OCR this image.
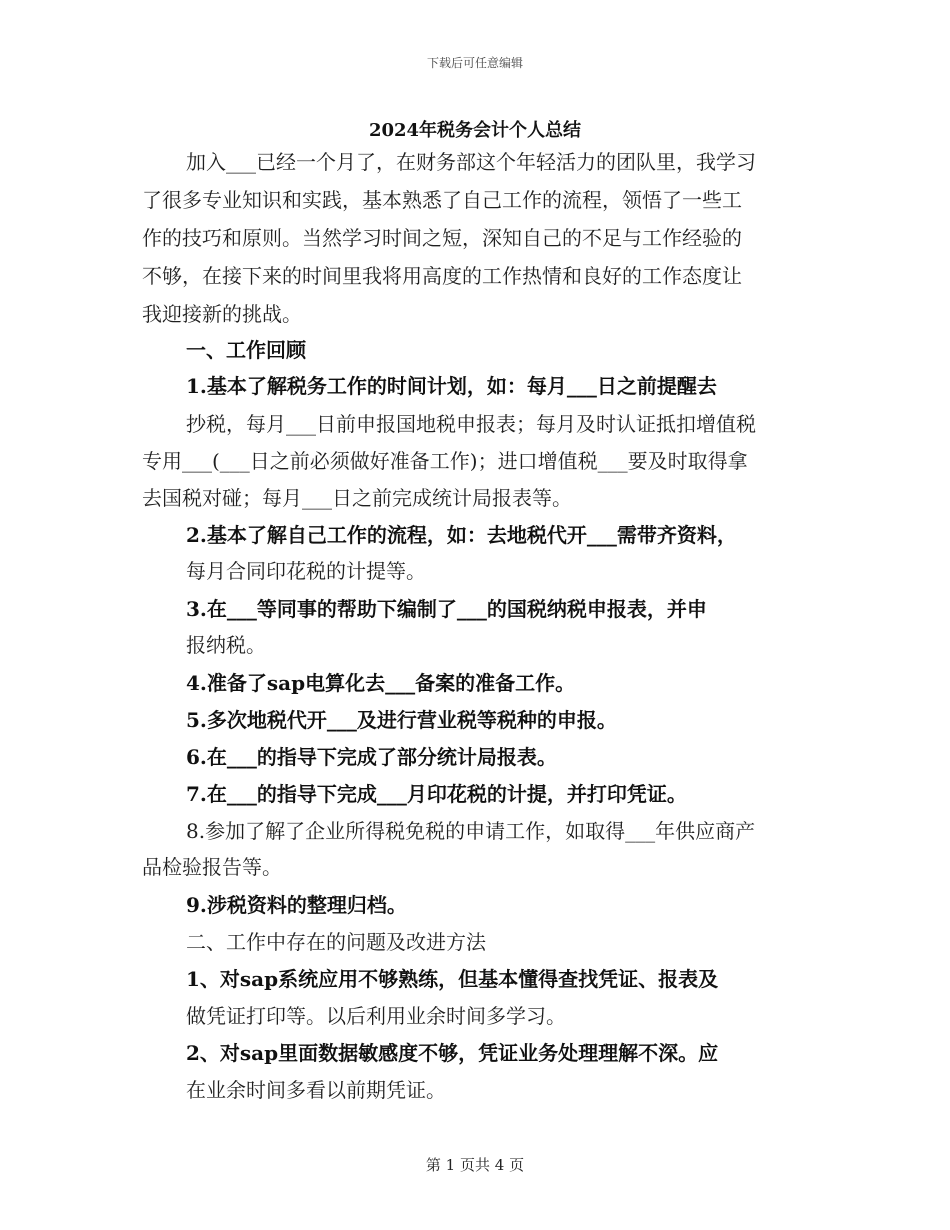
下载后可任意编辑
2024年税务会计个人总结
加入___已经一个月了，在财务部这个年轻活力的团队里，我学习
了很多专业知识和实践，基本熟悉了自己工作的流程，领悟了一些工
作的技巧和原则。当然学习时间之短，深知自己的不足与工作经验的
不够，在接下来的时间里我将用高度的工作热情和良好的工作态度让
我迎接新的挑战。
一、工作回顾
1.基本了解税务工作的时间计划，如：每月___日之前提醒去
抄税，每月___日前申报国地税申报表；每月及时认证抵扣增值税
专用___(___日之前必须做好准备工作)；进口增值税___要及时取得拿
去国税对碰；每月___日之前完成统计局报表等。
2.基本了解自己工作的流程，如：去地税代开___需带齐资料，
每月合同印花税的计提等。
3.在___等同事的帮助下编制了___的国税纳税申报表，并申
报纳税。
4.准备了sap电算化去___备案的准备工作。
5.多次地税代开___及进行营业税等税种的申报。
6.在___的指导下完成了部分统计局报表。
7.在___的指导下完成___月印花税的计提，并打印凭证。
8.参加了解了企业所得税免税的申请工作，如取得___年供应商产
品检验报告等。
9.涉税资料的整理归档。
二、工作中存在的问题及改进方法
1、对sap系统应用不够熟练，但基本懂得查找凭证、报表及
做凭证打印等。以后利用业余时间多学习。
2、对sap里面数据敏感度不够，凭证业务处理理解不深。应
在业余时间多看以前期凭证。
第 1 页共 4 页
